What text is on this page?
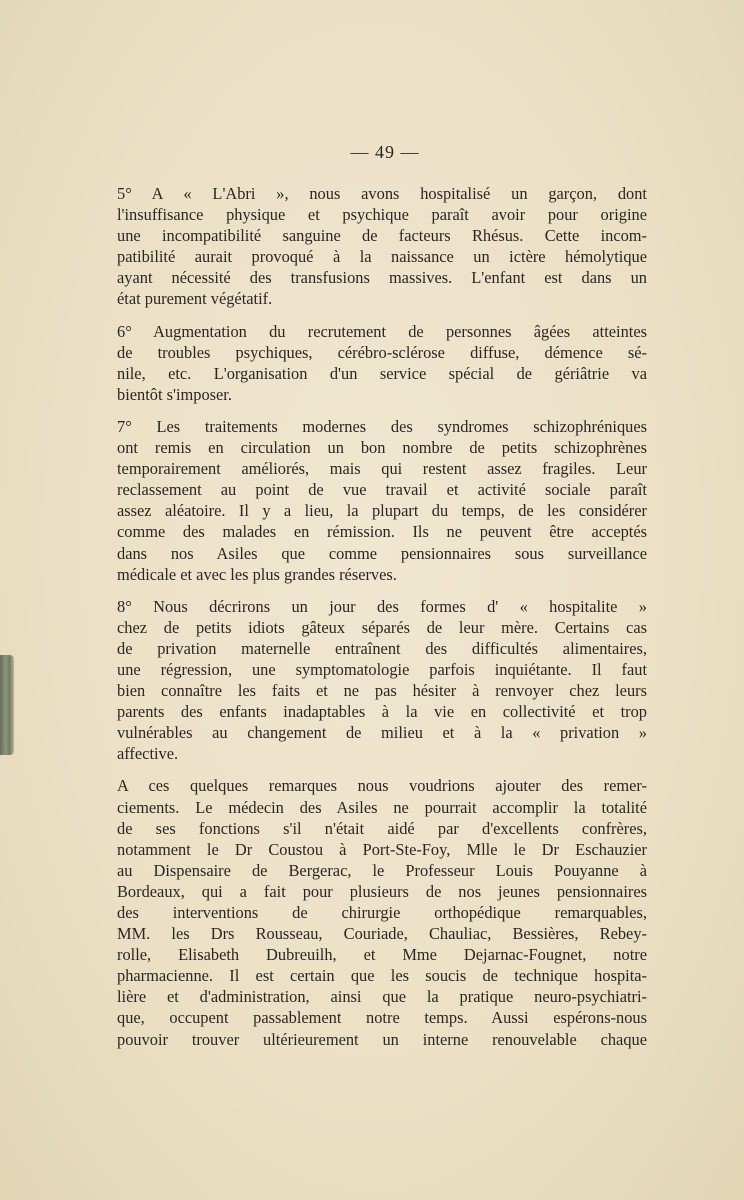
— 49 —
5° A « L'Abri », nous avons hospitalisé un garçon, dont
l'insuffisance physique et psychique paraît avoir pour origine
une incompatibilité sanguine de facteurs Rhésus. Cette incom-
patibilité aurait provoqué à la naissance un ictère hémolytique
ayant nécessité des transfusions massives. L'enfant est dans un
état purement végétatif.
6° Augmentation du recrutement de personnes âgées atteintes
de troubles psychiques, cérébro-sclérose diffuse, démence sé-
nile, etc. L'organisation d'un service spécial de gériâtrie va
bientôt s'imposer.
7° Les traitements modernes des syndromes schizophréniques
ont remis en circulation un bon nombre de petits schizophrènes
temporairement améliorés, mais qui restent assez fragiles. Leur
reclassement au point de vue travail et activité sociale paraît
assez aléatoire. Il y a lieu, la plupart du temps, de les considérer
comme des malades en rémission. Ils ne peuvent être acceptés
dans nos Asiles que comme pensionnaires sous surveillance
médicale et avec les plus grandes réserves.
8° Nous décrirons un jour des formes d' « hospitalite »
chez de petits idiots gâteux séparés de leur mère. Certains cas
de privation maternelle entraînent des difficultés alimentaires,
une régression, une symptomatologie parfois inquiétante. Il faut
bien connaître les faits et ne pas hésiter à renvoyer chez leurs
parents des enfants inadaptables à la vie en collectivité et trop
vulnérables au changement de milieu et à la « privation »
affective.
A ces quelques remarques nous voudrions ajouter des remer-
ciements. Le médecin des Asiles ne pourrait accomplir la totalité
de ses fonctions s'il n'était aidé par d'excellents confrères,
notamment le Dr Coustou à Port-Ste-Foy, Mlle le Dr Eschauzier
au Dispensaire de Bergerac, le Professeur Louis Pouyanne à
Bordeaux, qui a fait pour plusieurs de nos jeunes pensionnaires
des interventions de chirurgie orthopédique remarquables,
MM. les Drs Rousseau, Couriade, Chauliac, Bessières, Rebey-
rolle, Elisabeth Dubreuilh, et Mme Dejarnac-Fougnet, notre
pharmacienne. Il est certain que les soucis de technique hospita-
lière et d'administration, ainsi que la pratique neuro-psychiatri-
que, occupent passablement notre temps. Aussi espérons-nous
pouvoir trouver ultérieurement un interne renouvelable chaque
